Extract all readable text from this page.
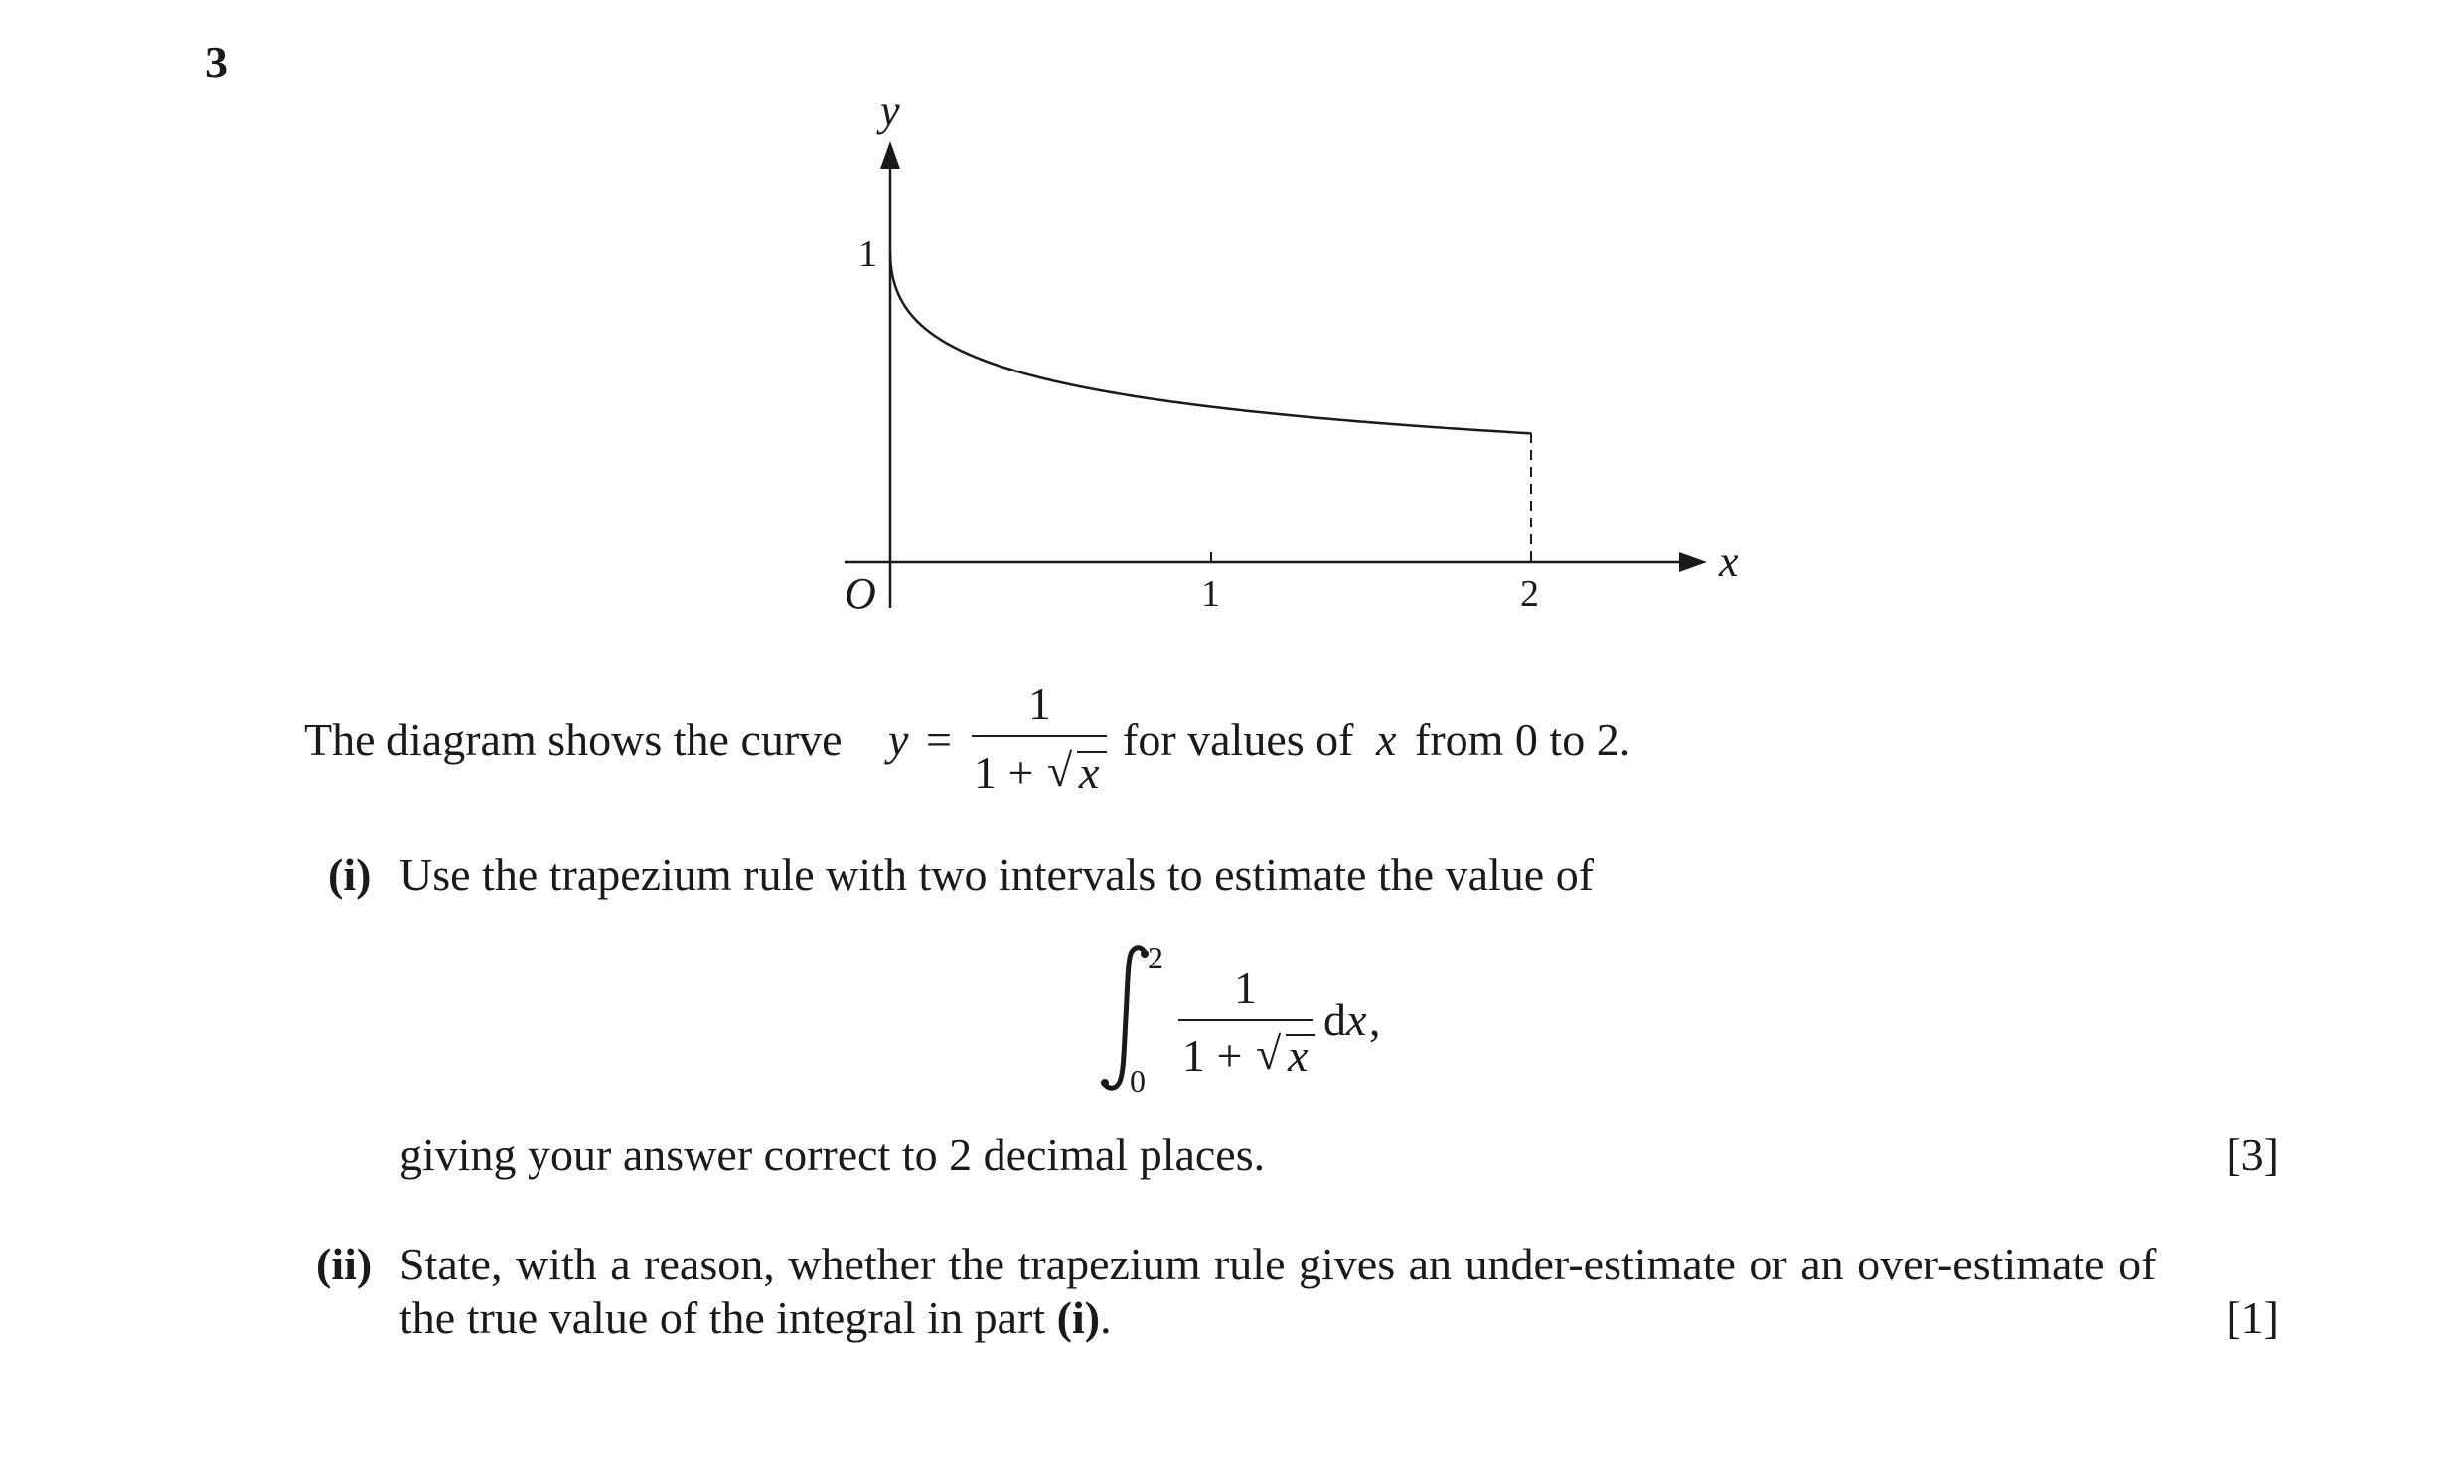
3
y
x
O
1
1	2
The diagram shows the curve y =
1
1 + √ x
for values of x from 0 to 2.
(i) Use the trapezium rule with two intervals to estimate the value of
2
0
1
1 + √ x
d x ,
giving your answer correct to 2 decimal places.	[3]
(ii) State, with a reason, whether the trapezium rule gives an under-estimate or an over-estimate of
the true value of the integral in part (i).	[1]
